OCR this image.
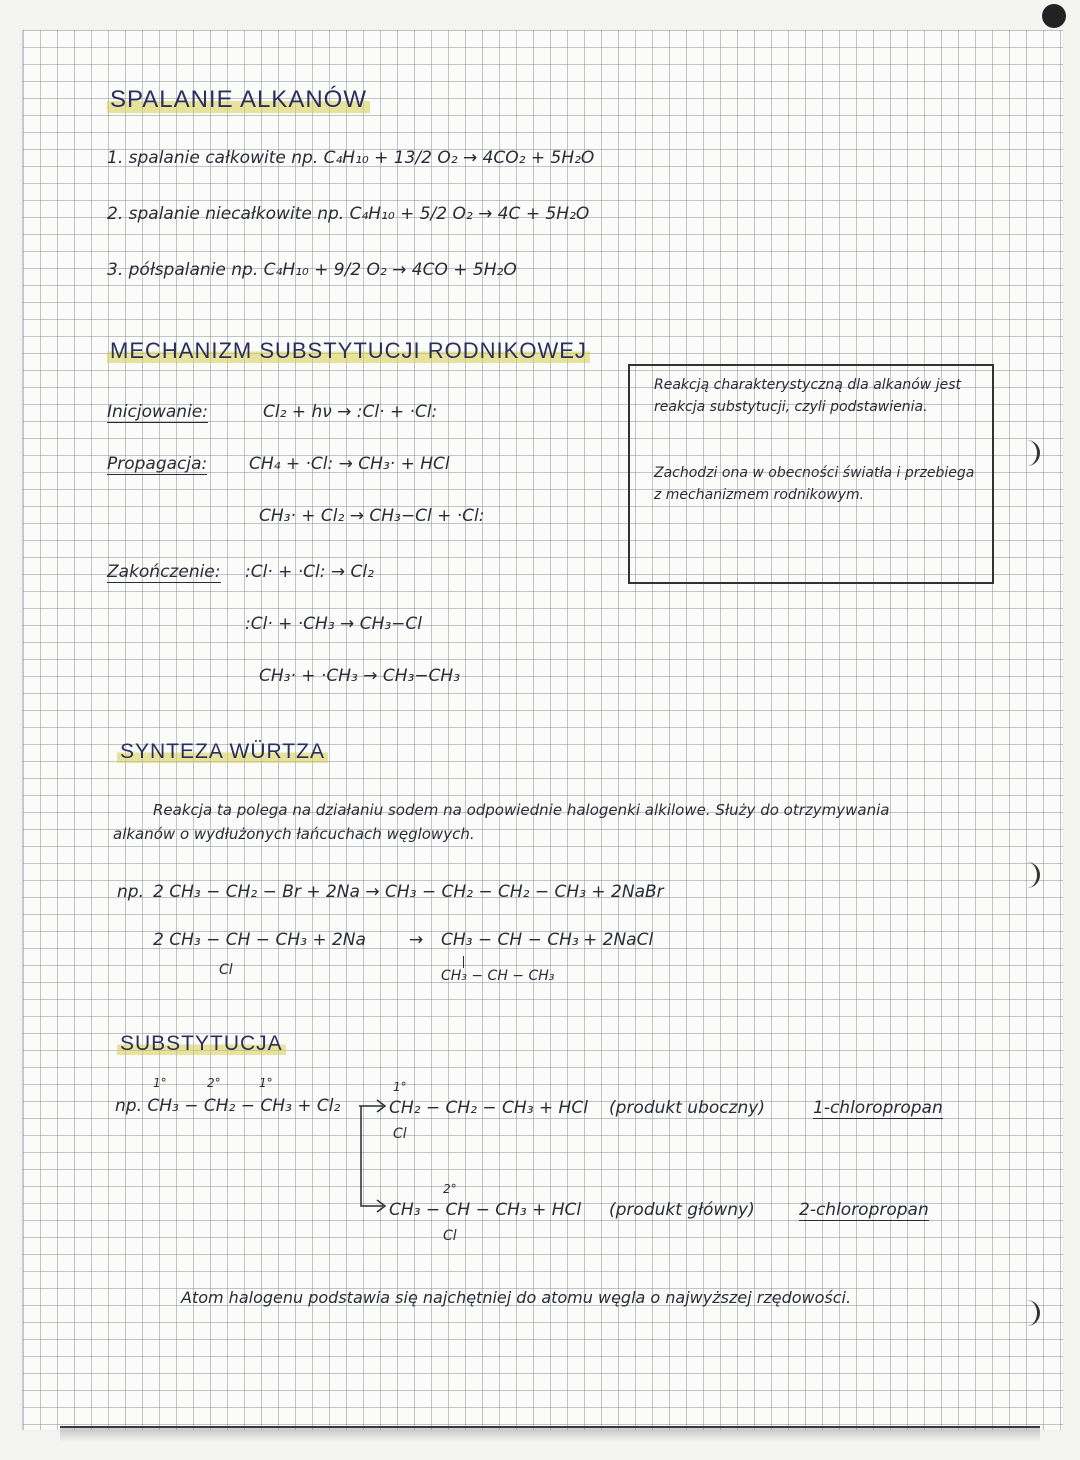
SPALANIE ALKANÓW
1. spalanie całkowite np. C₄H₁₀ + 13/2 O₂ → 4CO₂ + 5H₂O
2. spalanie niecałkowite np. C₄H₁₀ + 5/2 O₂ → 4C + 5H₂O
3. półspalanie np. C₄H₁₀ + 9/2 O₂ → 4CO + 5H₂O
MECHANIZM SUBSTYTUCJI RODNIKOWEJ
Inicjowanie:	Cl₂ + hν → :Cl· + ·Cl:
Propagacja: CH₄ + ·Cl: → CH₃· + HCl
CH₃· + Cl₂ → CH₃−Cl + ·Cl:
Zakończenie: :Cl· + ·Cl: → Cl₂
:Cl· + ·CH₃ → CH₃−Cl
CH₃· + ·CH₃ → CH₃−CH₃
Reakcją charakterystyczną dla alkanów jest reakcja substytucji, czyli podstawienia.
Zachodzi ona w obecności światła i przebiega z mechanizmem rodnikowym.
SYNTEZA WÜRTZA
Reakcja ta polega na działaniu sodem na odpowiednie halogenki alkilowe. Służy do otrzymywania alkanów o wydłużonych łańcuchach węglowych.
np. 2 CH₃ − CH₂ − Br + 2Na → CH₃ − CH₂ − CH₂ − CH₃ + 2NaBr
2 CH₃ − CH − CH₃ + 2Na
Cl
→ CH₃ − CH − CH₃
CH₃ − CH − CH₃
+ 2NaCl
SUBSTYTUCJA
1°	2°	1°
np. CH₃ − CH₂ − CH₃ + Cl₂
1°
CH₂ − CH₂ − CH₃ + HCl
Cl
(produkt uboczny)	1-chloropropan
2°
CH₃ − CH − CH₃ + HCl
Cl
(produkt główny)	2-chloropropan
Atom halogenu podstawia się najchętniej do atomu węgla o najwyższej rzędowości.
